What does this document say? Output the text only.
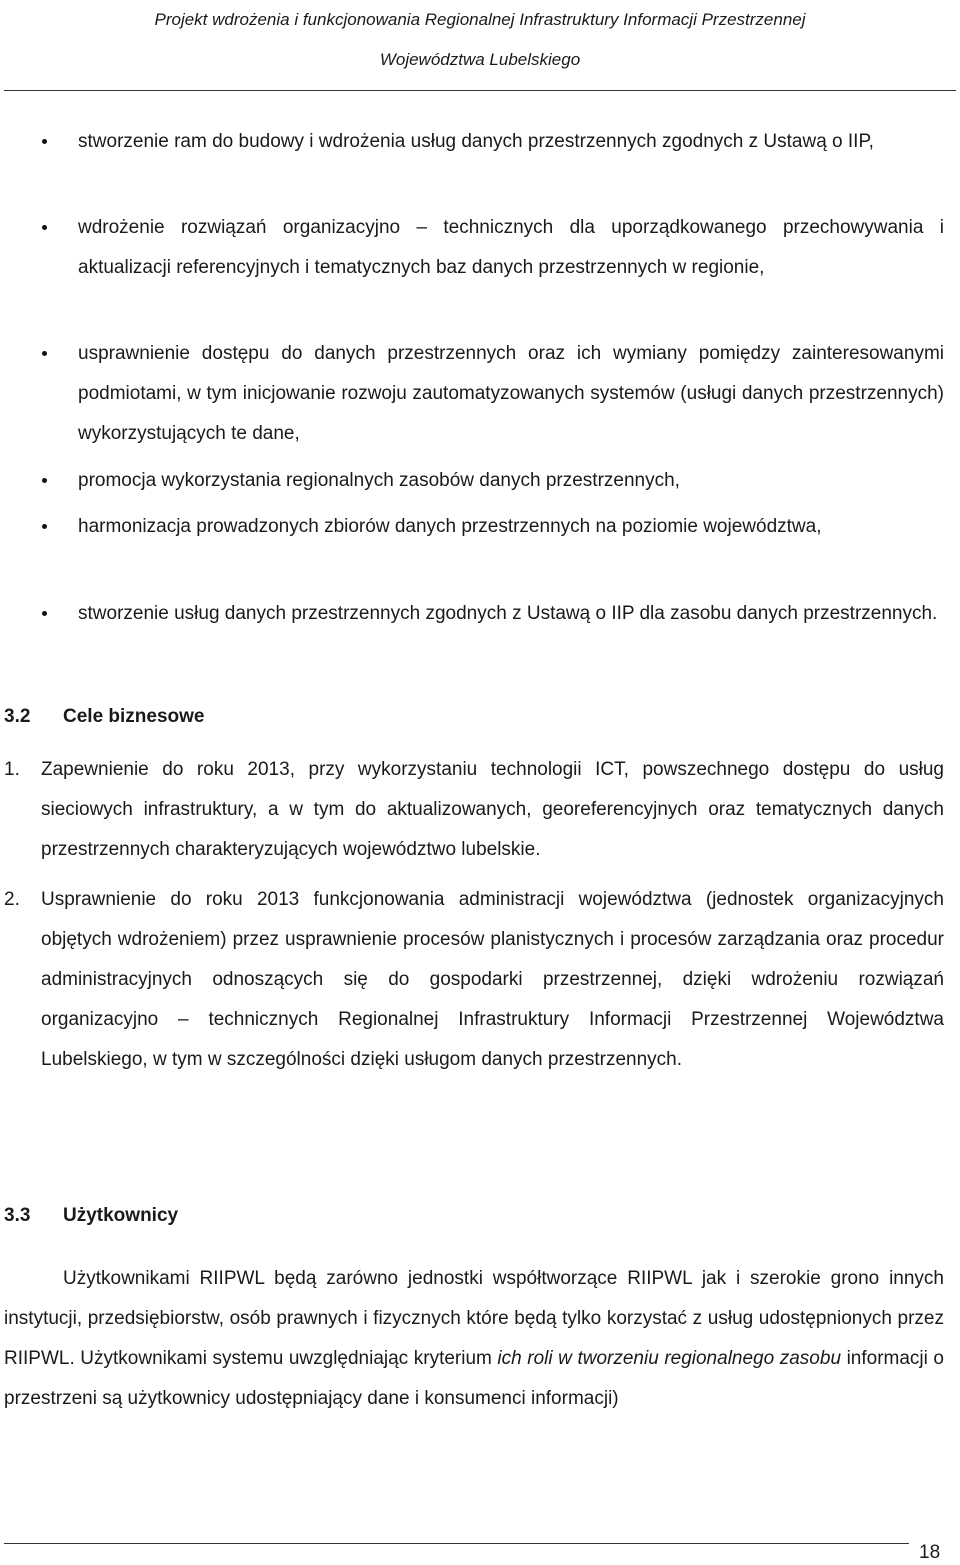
Projekt wdrożenia i funkcjonowania Regionalnej Infrastruktury Informacji Przestrzennej
Województwa Lubelskiego
stworzenie ram do budowy i wdrożenia usług danych przestrzennych zgodnych z Ustawą o IIP,
wdrożenie rozwiązań organizacyjno – technicznych dla uporządkowanego przechowywania i aktualizacji referencyjnych i tematycznych baz danych przestrzennych w regionie,
usprawnienie dostępu do danych przestrzennych oraz ich wymiany pomiędzy zainteresowanymi podmiotami, w tym inicjowanie rozwoju zautomatyzowanych systemów (usługi danych przestrzennych) wykorzystujących te dane,
promocja wykorzystania regionalnych zasobów danych przestrzennych,
harmonizacja prowadzonych zbiorów danych przestrzennych na poziomie województwa,
stworzenie usług danych przestrzennych zgodnych z Ustawą o IIP dla zasobu danych przestrzennych.
3.2 Cele biznesowe
1. Zapewnienie do roku 2013, przy wykorzystaniu technologii ICT, powszechnego dostępu do usług sieciowych infrastruktury, a w tym do aktualizowanych, georeferencyjnych oraz tematycznych danych przestrzennych charakteryzujących województwo lubelskie.
2. Usprawnienie do roku 2013 funkcjonowania administracji województwa (jednostek organizacyjnych objętych wdrożeniem) przez usprawnienie procesów planistycznych i procesów zarządzania oraz procedur administracyjnych odnoszących się do gospodarki przestrzennej, dzięki wdrożeniu rozwiązań organizacyjno – technicznych Regionalnej Infrastruktury Informacji Przestrzennej Województwa Lubelskiego, w tym w szczególności dzięki usługom danych przestrzennych.
3.3 Użytkownicy
Użytkownikami RIIPWL będą zarówno jednostki współtworzące RIIPWL jak i szerokie grono innych instytucji, przedsiębiorstw, osób prawnych i fizycznych które będą tylko korzystać z usług udostępnionych przez RIIPWL. Użytkownikami systemu uwzględniając kryterium ich roli w tworzeniu regionalnego zasobu informacji o przestrzeni są użytkownicy udostępniający dane i konsumenci informacji)
18
